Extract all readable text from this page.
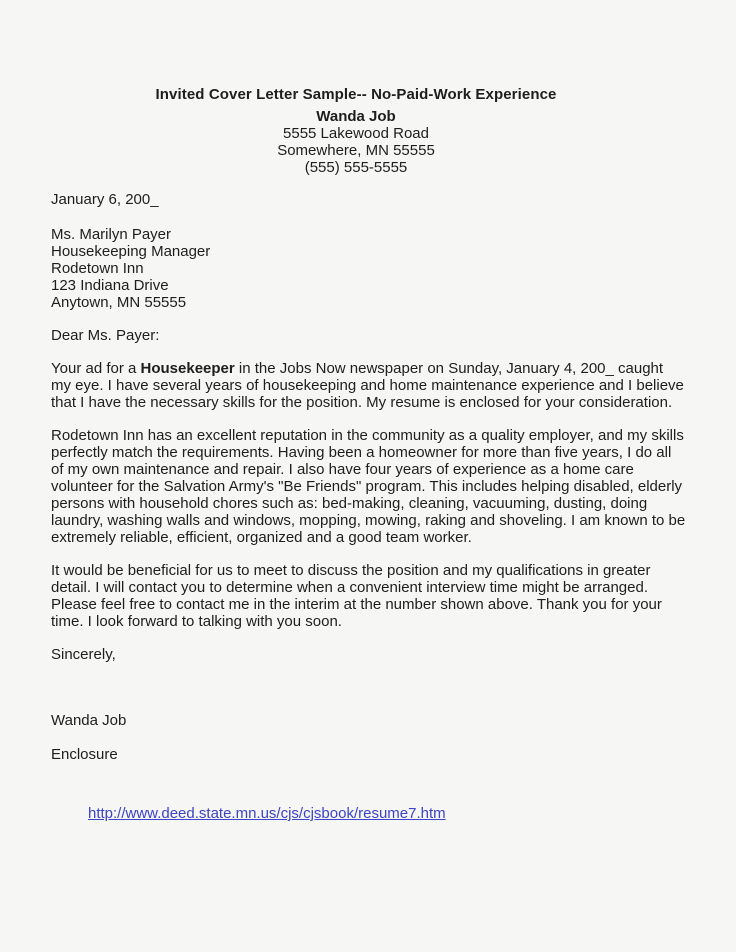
Invited Cover Letter Sample-- No-Paid-Work Experience
Wanda Job
5555 Lakewood Road
Somewhere, MN 55555
(555) 555-5555
January 6, 200_
Ms. Marilyn Payer
Housekeeping Manager
Rodetown Inn
123 Indiana Drive
Anytown, MN 55555
Dear Ms. Payer:
Your ad for a Housekeeper in the Jobs Now newspaper on Sunday, January 4, 200_ caught
my eye. I have several years of housekeeping and home maintenance experience and I believe
that I have the necessary skills for the position. My resume is enclosed for your consideration.
Rodetown Inn has an excellent reputation in the community as a quality employer, and my skills
perfectly match the requirements. Having been a homeowner for more than five years, I do all
of my own maintenance and repair. I also have four years of experience as a home care
volunteer for the Salvation Army's "Be Friends" program. This includes helping disabled, elderly
persons with household chores such as: bed-making, cleaning, vacuuming, dusting, doing
laundry, washing walls and windows, mopping, mowing, raking and shoveling. I am known to be
extremely reliable, efficient, organized and a good team worker.
It would be beneficial for us to meet to discuss the position and my qualifications in greater
detail. I will contact you to determine when a convenient interview time might be arranged.
Please feel free to contact me in the interim at the number shown above. Thank you for your
time. I look forward to talking with you soon.
Sincerely,
Wanda Job
Enclosure
http://www.deed.state.mn.us/cjs/cjsbook/resume7.htm
